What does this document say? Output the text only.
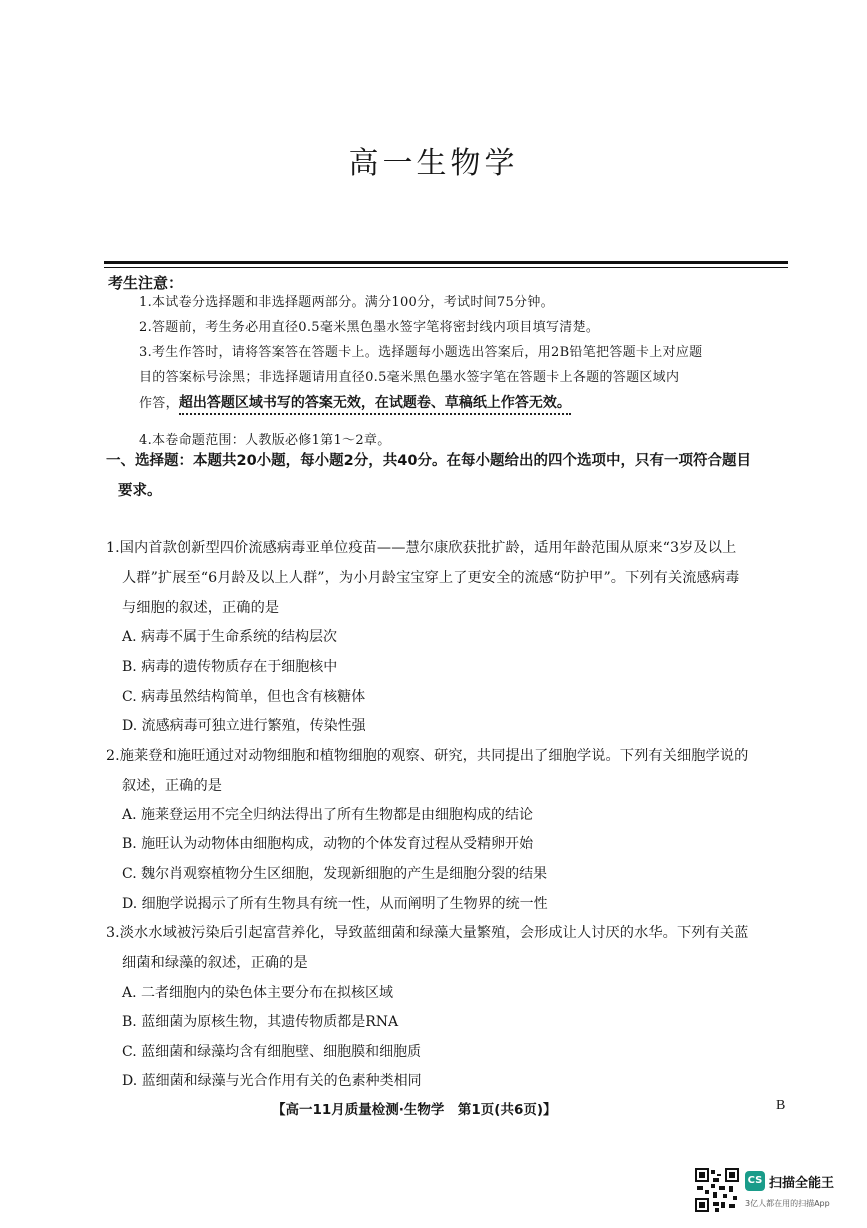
高一生物学
考生注意：
1.本试卷分选择题和非选择题两部分。满分100分，考试时间75分钟。
2.答题前，考生务必用直径0.5毫米黑色墨水签字笔将密封线内项目填写清楚。
3.考生作答时，请将答案答在答题卡上。选择题每小题选出答案后，用2B铅笔把答题卡上对应题
目的答案标号涂黑；非选择题请用直径0.5毫米黑色墨水签字笔在答题卡上各题的答题区域内
作答，超出答题区域书写的答案无效，在试题卷、草稿纸上作答无效。
4.本卷命题范围：人教版必修1第1～2章。
一、选择题：本题共20小题，每小题2分，共40分。在每小题给出的四个选项中，只有一项符合题目
要求。
1.国内首款创新型四价流感病毒亚单位疫苗——慧尔康欣获批扩龄，适用年龄范围从原来“3岁及以上
人群”扩展至“6月龄及以上人群”，为小月龄宝宝穿上了更安全的流感“防护甲”。下列有关流感病毒
与细胞的叙述，正确的是
A. 病毒不属于生命系统的结构层次
B. 病毒的遗传物质存在于细胞核中
C. 病毒虽然结构简单，但也含有核糖体
D. 流感病毒可独立进行繁殖，传染性强
2.施莱登和施旺通过对动物细胞和植物细胞的观察、研究，共同提出了细胞学说。下列有关细胞学说的
叙述，正确的是
A. 施莱登运用不完全归纳法得出了所有生物都是由细胞构成的结论
B. 施旺认为动物体由细胞构成，动物的个体发育过程从受精卵开始
C. 魏尔肖观察植物分生区细胞，发现新细胞的产生是细胞分裂的结果
D. 细胞学说揭示了所有生物具有统一性，从而阐明了生物界的统一性
3.淡水水域被污染后引起富营养化，导致蓝细菌和绿藻大量繁殖，会形成让人讨厌的水华。下列有关蓝
细菌和绿藻的叙述，正确的是
A. 二者细胞内的染色体主要分布在拟核区域
B. 蓝细菌为原核生物，其遗传物质都是RNA
C. 蓝细菌和绿藻均含有细胞壁、细胞膜和细胞质
D. 蓝细菌和绿藻与光合作用有关的色素种类相同
【高一11月质量检测·生物学　第1页(共6页)】	B
CS 扫描全能王
3亿人都在用的扫描App
